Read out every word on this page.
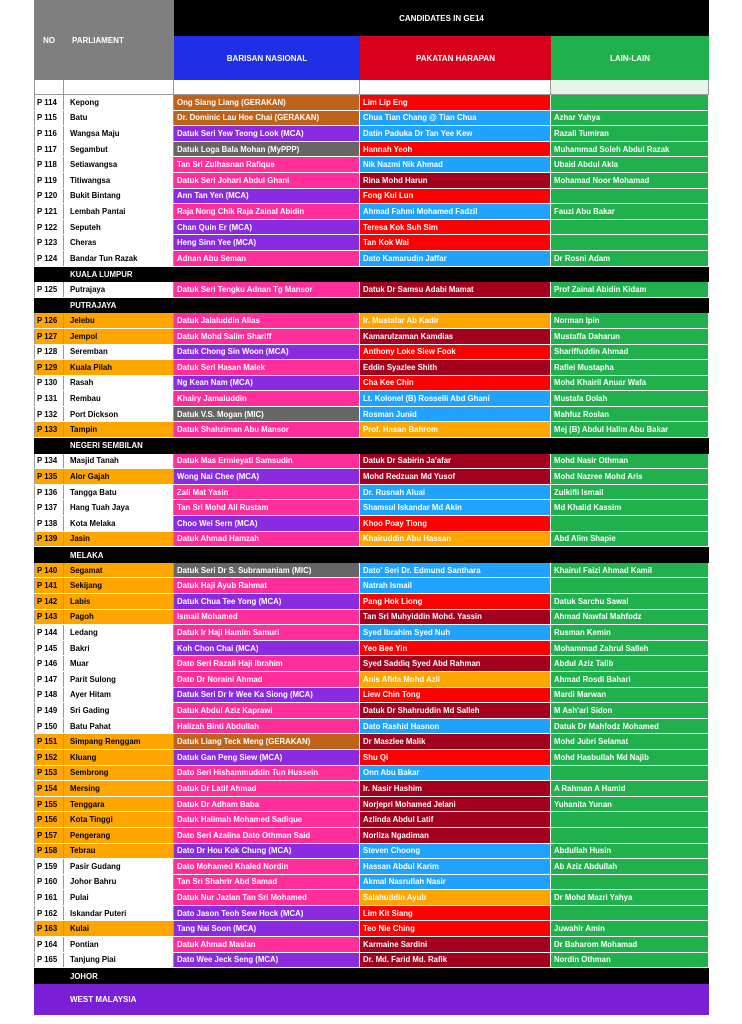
NO	PARLIAMENT
CANDIDATES IN GE14
BARISAN NASIONAL	PAKATAN HARAPAN	LAIN-LAIN
P 114	Kepong	Ong Siang Liang (GERAKAN)	Lim Lip Eng
P 115	Batu	Dr. Dominic Lau Hoe Chai (GERAKAN)	Chua Tian Chang @ Tian Chua	Azhar Yahya
P 116	Wangsa Maju	Datuk Seri Yew Teong Look (MCA)	Datin Paduka Dr Tan Yee Kew	Razali Tumiran
P 117	Segambut	Datuk Loga Bala Mohan (MyPPP)	Hannah Yeoh	Muhammad Soleh Abdul Razak
P 118	Setiawangsa	Tan Sri Zulhasnan Rafique	Nik Nazmi Nik Ahmad	Ubaid Abdul Akla
P 119	Titiwangsa	Datuk Seri Johari Abdul Ghani	Rina Mohd Harun	Mohamad Noor Mohamad
P 120	Bukit Bintang	Ann Tan Yen (MCA)	Fong Kui Lun
P 121	Lembah Pantai	Raja Nong Chik Raja Zainal Abidin	Ahmad Fahmi Mohamed Fadzil	Fauzi Abu Bakar
P 122	Seputeh	Chan Quin Er (MCA)	Teresa Kok Suh Sim
P 123	Cheras	Heng Sinn Yee (MCA)	Tan Kok Wai
P 124	Bandar Tun Razak	Adnan Abu Seman	Dato Kamarudin Jaffar	Dr Rosni Adam
KUALA LUMPUR
P 125	Putrajaya	Datuk Seri Tengku Adnan Tg Mansor	Datuk Dr Samsu Adabi Mamat	Prof Zainal Abidin Kidam
PUTRAJAYA
P 126	Jelebu	Datuk Jalaluddin Alias	Ir. Mustafar Ab Kadir	Norman Ipin
P 127	Jempol	Datuk Mohd Salim Shariff	Kamarulzaman Kamdias	Mustaffa Daharun
P 128	Seremban	Datuk Chong Sin Woon (MCA)	Anthony Loke Siew Fook	Shariffuddin Ahmad
P 129	Kuala Pilah	Datuk Seri Hasan Malek	Eddin Syazlee Shith	Rafiei Mustapha
P 130	Rasah	Ng Kean Nam (MCA)	Cha Kee Chin	Mohd Khairil Anuar Wafa
P 131	Rembau	Khairy Jamaluddin	Lt. Kolonel (B) Rosselli Abd Ghani	Mustafa Dolah
P 132	Port Dickson	Datuk V.S. Mogan (MIC)	Rosman Junid	Mahfuz Roslan
P 133	Tampin	Datuk Shahziman Abu Mansor	Prof. Hasan Bahrom	Mej (B) Abdul Halim Abu Bakar
NEGERI SEMBILAN
P 134	Masjid Tanah	Datuk Mas Ermieyati Samsudin	Datuk Dr Sabirin Ja'afar	Mohd Nasir Othman
P 135	Alor Gajah	Wong Nai Chee (MCA)	Mohd Redzuan Md Yusof	Mohd Nazree Mohd Aris
P 136	Tangga Batu	Zali Mat Yasin	Dr. Rusnah Aluai	Zulkifli Ismail
P 137	Hang Tuah Jaya	Tan Sri Mohd Ali Rustam	Shamsul Iskandar Md Akin	Md Khalid Kassim
P 138	Kota Melaka	Choo Wei Sern (MCA)	Khoo Poay Tiong
P 139	Jasin	Datuk Ahmad Hamzah	Khairuddin Abu Hassan	Abd Alim Shapie
MELAKA
P 140	Segamat	Datuk Seri Dr S. Subramaniam (MIC)	Dato' Seri Dr. Edmund Santhara	Khairul Faizi Ahmad Kamil
P 141	Sekijang	Datuk Haji Ayub Rahmat	Natrah Ismail
P 142	Labis	Datuk Chua Tee Yong (MCA)	Pang Hok Liong	Datuk Sarchu Sawal
P 143	Pagoh	Ismail Mohamed	Tan Sri Muhyiddin Mohd. Yassin	Ahmad Nawfal Mahfodz
P 144	Ledang	Datuk Ir Haji Hamim Samuri	Syed Ibrahim Syed Nuh	Rusman Kemin
P 145	Bakri	Koh Chon Chai (MCA)	Yeo Bee Yin	Mohammad Zahrul Salleh
P 146	Muar	Dato Seri Razali Haji Ibrahim	Syed Saddiq Syed Abd Rahman	Abdul Aziz Talib
P 147	Parit Sulong	Dato Dr Noraini Ahmad	Anis Afida Mohd Azli	Ahmad Rosdi Bahari
P 148	Ayer Hitam	Datuk Seri Dr Ir Wee Ka Siong (MCA)	Liew Chin Tong	Mardi Marwan
P 149	Sri Gading	Datuk Abdul Aziz Kaprawi	Datuk Dr Shahruddin Md Salleh	M Ash'ari Sidon
P 150	Batu Pahat	Halizah Binti Abdullah	Dato Rashid Hasnon	Datuk Dr Mahfodz Mohamed
P 151	Simpang Renggam	Datuk Liang Teck Meng (GERAKAN)	Dr Maszlee Malik	Mohd Jubri Selamat
P 152	Kluang	Datuk Gan Peng Siew (MCA)	Shu Qi	Mohd Hasbullah Md Najib
P 153	Sembrong	Dato Seri Hishammuddin Tun Hussein	Onn Abu Bakar
P 154	Mersing	Datuk Dr Latif Ahmad	Ir. Nasir Hashim	A Rahman A Hamid
P 155	Tenggara	Datuk Dr Adham Baba	Norjepri Mohamed Jelani	Yuhanita Yunan
P 156	Kota Tinggi	Datuk Halimah Mohamed Sadique	Azlinda Abdul Latif
P 157	Pengerang	Dato Seri Azalina Dato Othman Said	Norliza Ngadiman
P 158	Tebrau	Dato Dr Hou Kok Chung (MCA)	Steven Choong	Abdullah Husin
P 159	Pasir Gudang	Dato Mohamed Khaled Nordin	Hassan Abdul Karim	Ab Aziz Abdullah
P 160	Johor Bahru	Tan Sri Shahrir Abd Samad	Akmal Nasrullah Nasir
P 161	Pulai	Datuk Nur Jazlan Tan Sri Mohamed	Salahuddin Ayub	Dr Mohd Mazri Yahya
P 162	Iskandar Puteri	Dato Jason Teoh Sew Hock (MCA)	Lim Kit Siang
P 163	Kulai	Tang Nai Soon (MCA)	Teo Nie Ching	Juwahir Amin
P 164	Pontian	Datuk Ahmad Maslan	Karmaine Sardini	Dr Baharom Mohamad
P 165	Tanjung Piai	Dato Wee Jeck Seng (MCA)	Dr. Md. Farid Md. Rafik	Nordin Othman
JOHOR
WEST MALAYSIA
